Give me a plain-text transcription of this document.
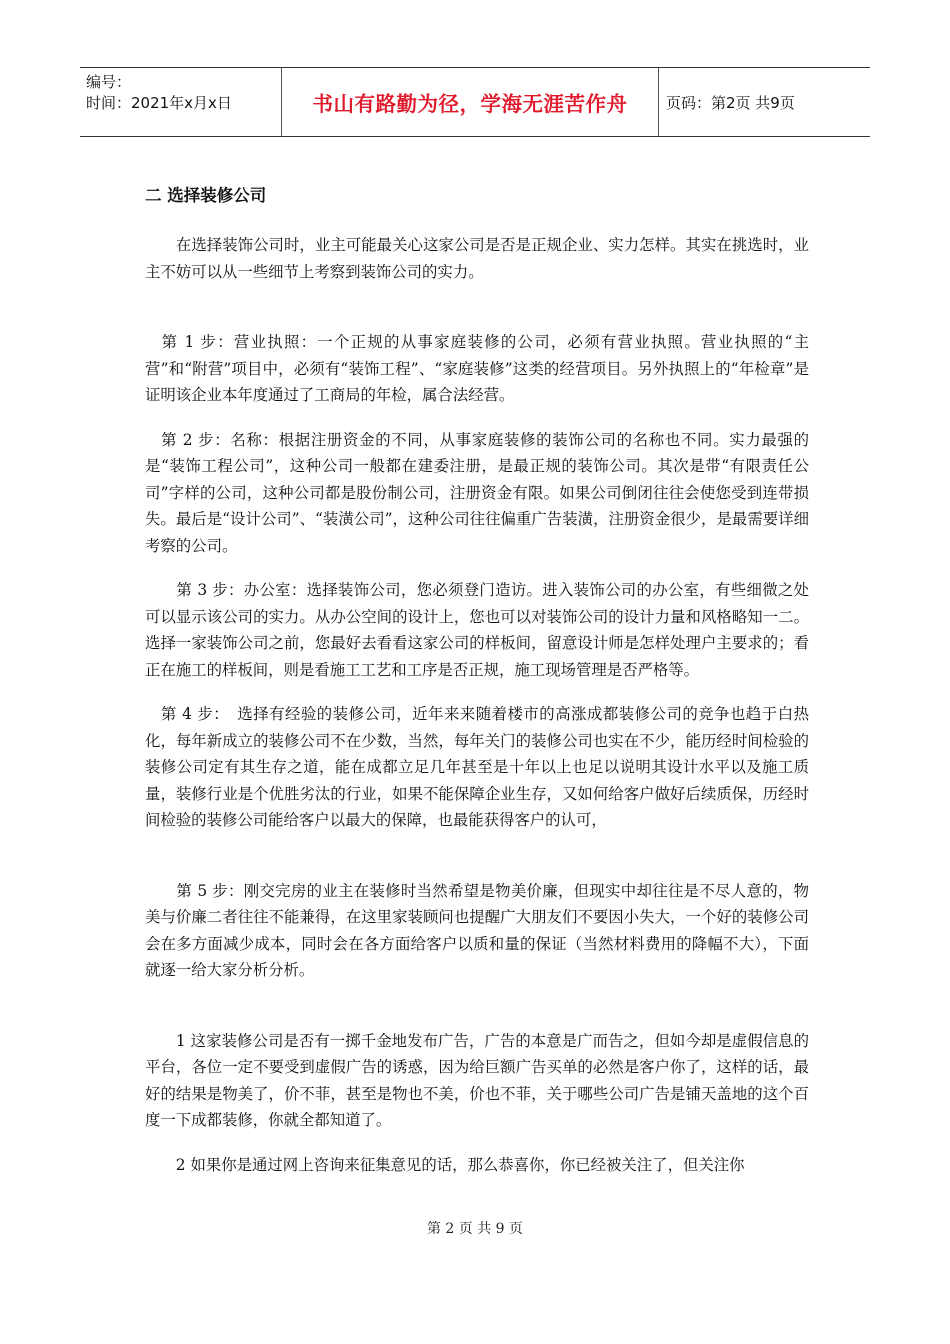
编号：
时间：2021年x月x日	书山有路勤为径，学海无涯苦作舟	页码：第2页 共9页
二 选择装修公司

　　在选择装饰公司时，业主可能最关心这家公司是否是正规企业、实力怎样。其实在挑选时，业主不妨可以从一些细节上考察到装饰公司的实力。

　第 1 步：营业执照：一个正规的从事家庭装修的公司，必须有营业执照。营业执照的“主营”和“附营”项目中，必须有“装饰工程”、“家庭装修”这类的经营项目。另外执照上的“年检章”是证明该企业本年度通过了工商局的年检，属合法经营。

　第 2 步：名称：根据注册资金的不同，从事家庭装修的装饰公司的名称也不同。实力最强的是“装饰工程公司”，这种公司一般都在建委注册，是最正规的装饰公司。其次是带“有限责任公司”字样的公司，这种公司都是股份制公司，注册资金有限。如果公司倒闭往往会使您受到连带损失。最后是“设计公司”、“装潢公司”，这种公司往往偏重广告装潢，注册资金很少，是最需要详细考察的公司。

　　第 3 步：办公室：选择装饰公司，您必须登门造访。进入装饰公司的办公室，有些细微之处可以显示该公司的实力。从办公空间的设计上，您也可以对装饰公司的设计力量和风格略知一二。选择一家装饰公司之前，您最好去看看这家公司的样板间，留意设计师是怎样处理户主要求的；看正在施工的样板间，则是看施工工艺和工序是否正规，施工现场管理是否严格等。

　第 4 步：　选择有经验的装修公司，近年来来随着楼市的高涨成都装修公司的竞争也趋于白热化，每年新成立的装修公司不在少数，当然，每年关门的装修公司也实在不少，能历经时间检验的装修公司定有其生存之道，能在成都立足几年甚至是十年以上也足以说明其设计水平以及施工质量，装修行业是个优胜劣汰的行业，如果不能保障企业生存，又如何给客户做好后续质保，历经时间检验的装修公司能给客户以最大的保障，也最能获得客户的认可，

　　第 5 步：刚交完房的业主在装修时当然希望是物美价廉，但现实中却往往是不尽人意的，物美与价廉二者往往不能兼得，在这里家装顾问也提醒广大朋友们不要因小失大，一个好的装修公司会在多方面减少成本，同时会在各方面给客户以质和量的保证（当然材料费用的降幅不大），下面就逐一给大家分析分析。

　　1 这家装修公司是否有一掷千金地发布广告，广告的本意是广而告之，但如今却是虚假信息的平台，各位一定不要受到虚假广告的诱惑，因为给巨额广告买单的必然是客户你了，这样的话，最好的结果是物美了，价不菲，甚至是物也不美，价也不菲，关于哪些公司广告是铺天盖地的这个百度一下成都装修，你就全都知道了。

　　2 如果你是通过网上咨询来征集意见的话，那么恭喜你，你已经被关注了，但关注你

第 2 页 共 9 页
